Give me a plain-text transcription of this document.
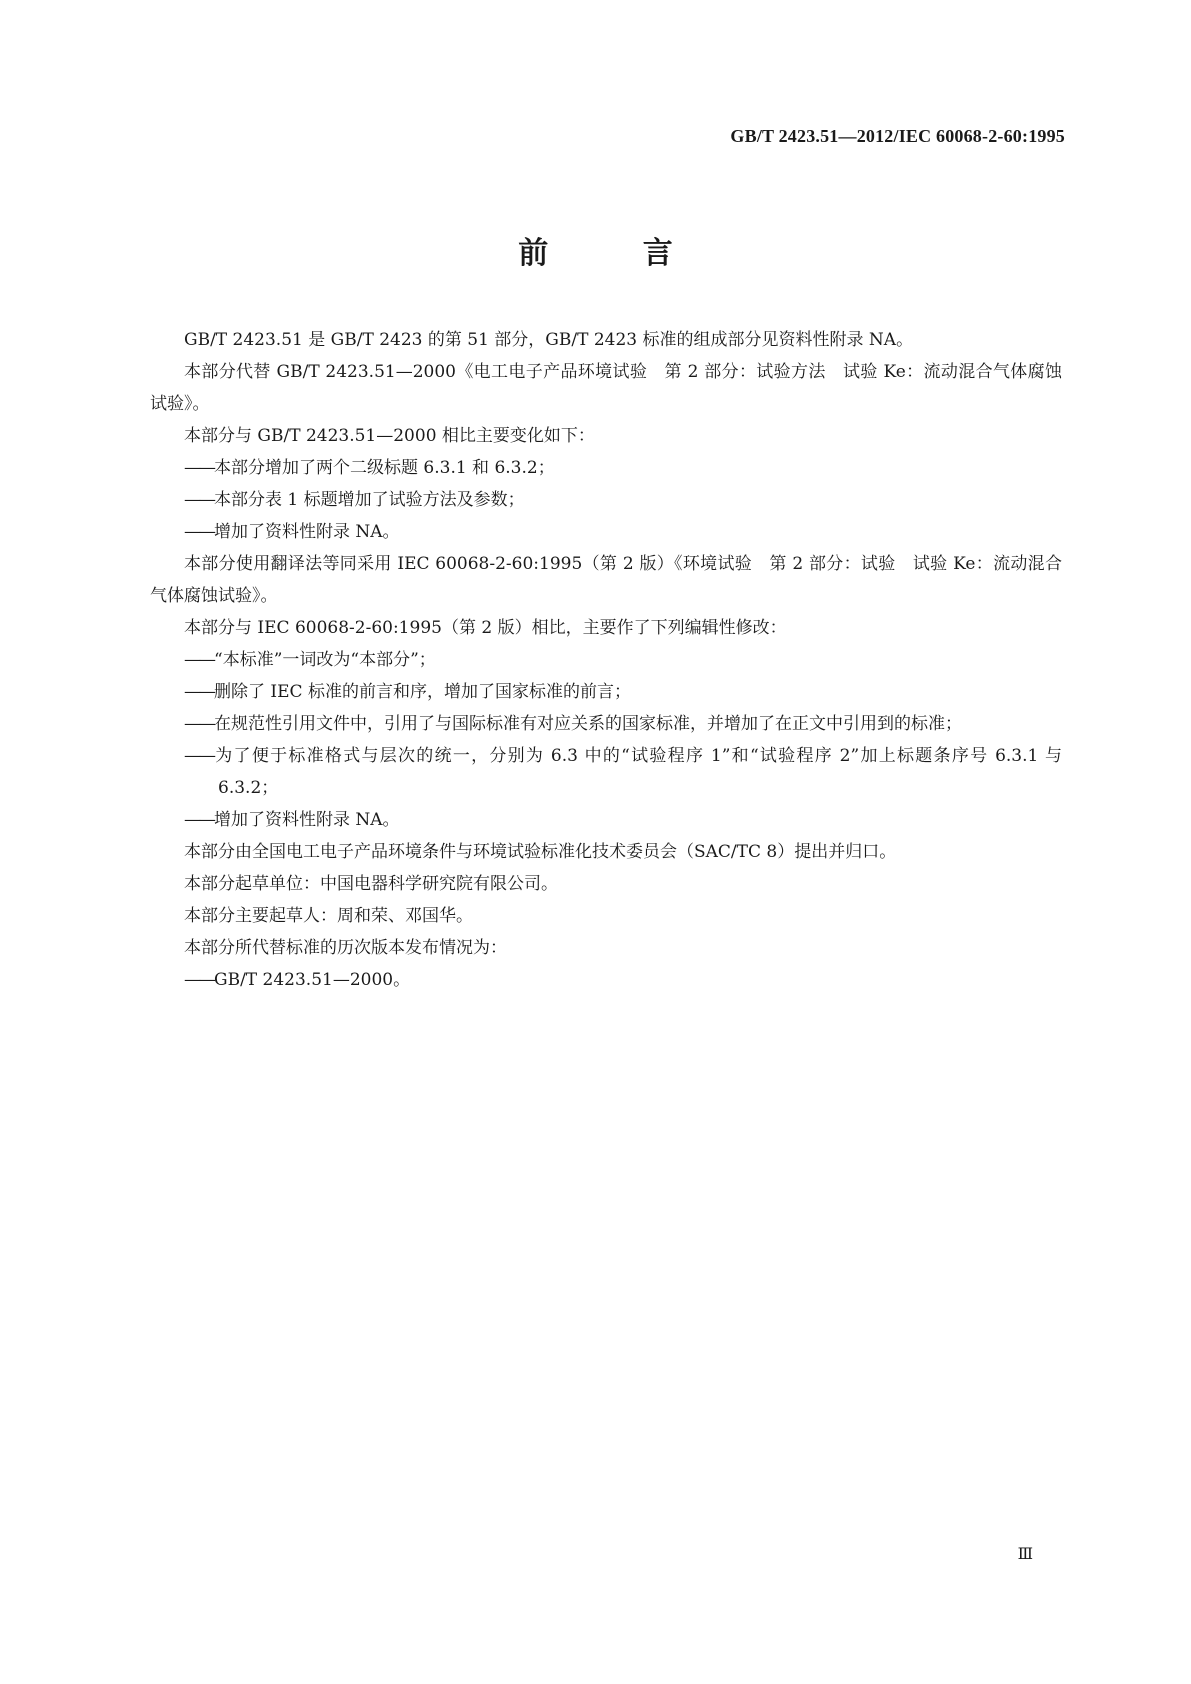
GB/T 2423.51—2012/IEC 60068-2-60:1995
前 言

GB/T 2423.51 是 GB/T 2423 的第 51 部分，GB/T 2423 标准的组成部分见资料性附录 NA。

本部分代替 GB/T 2423.51—2000《电工电子产品环境试验　第 2 部分：试验方法　试验 Ke：流动混合气体腐蚀试验》。

本部分与 GB/T 2423.51—2000 相比主要变化如下：

——本部分增加了两个二级标题 6.3.1 和 6.3.2；

——本部分表 1 标题增加了试验方法及参数；

——增加了资料性附录 NA。

本部分使用翻译法等同采用 IEC 60068-2-60:1995（第 2 版）《环境试验　第 2 部分：试验　试验 Ke：流动混合气体腐蚀试验》。

本部分与 IEC 60068-2-60:1995（第 2 版）相比，主要作了下列编辑性修改：

——“本标准”一词改为“本部分”；

——删除了 IEC 标准的前言和序，增加了国家标准的前言；

——在规范性引用文件中，引用了与国际标准有对应关系的国家标准，并增加了在正文中引用到的标准；

——为了便于标准格式与层次的统一，分别为 6.3 中的“试验程序 1”和“试验程序 2”加上标题条序号 6.3.1 与 6.3.2；

——增加了资料性附录 NA。

本部分由全国电工电子产品环境条件与环境试验标准化技术委员会（SAC/TC 8）提出并归口。

本部分起草单位：中国电器科学研究院有限公司。

本部分主要起草人：周和荣、邓国华。

本部分所代替标准的历次版本发布情况为：

——GB/T 2423.51—2000。

Ⅲ
